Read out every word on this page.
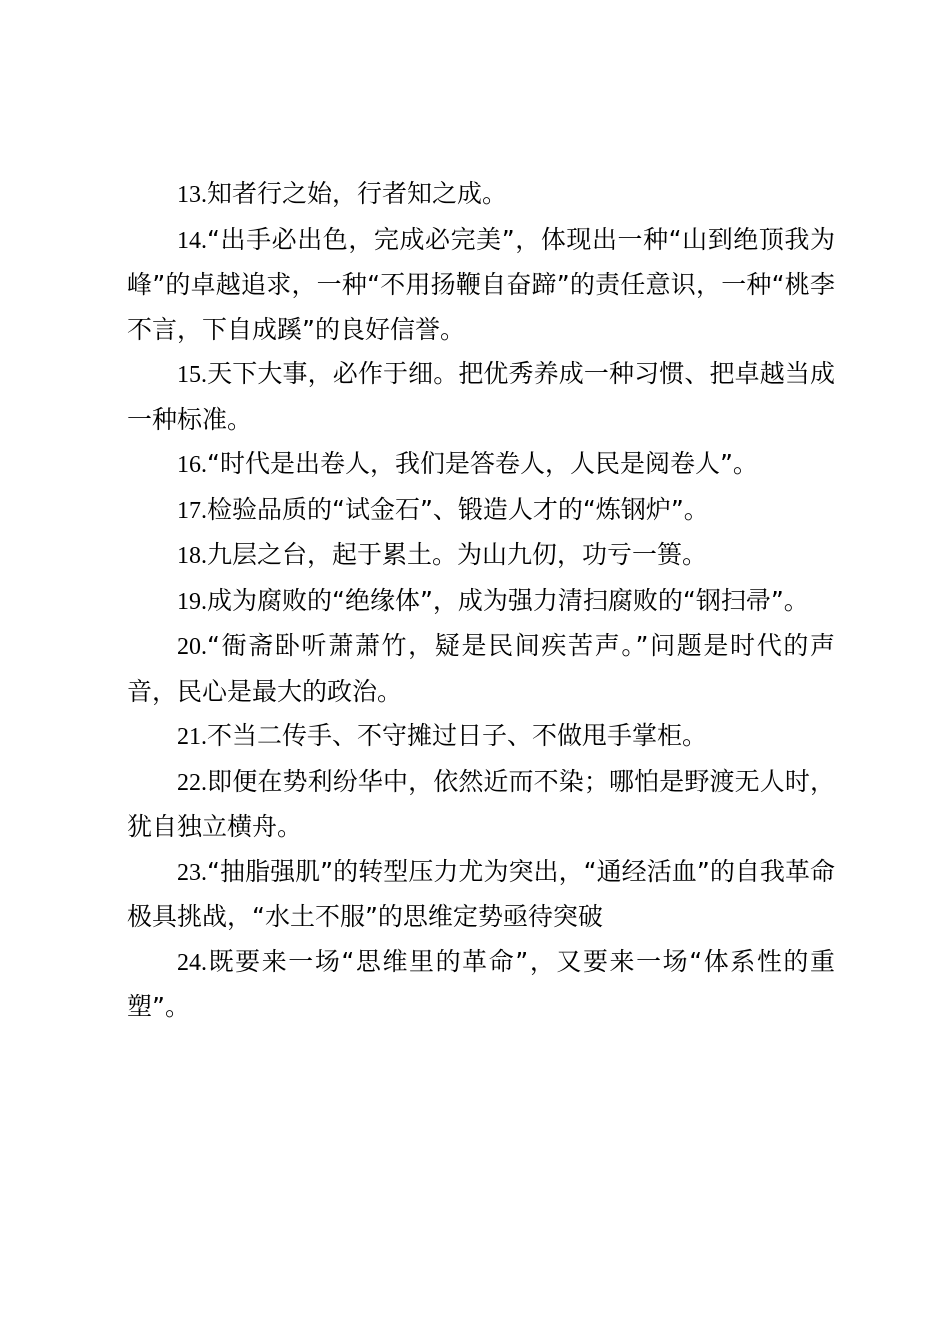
13.知者行之始，行者知之成。

14.“出手必出色，完成必完美”，体现出一种“山到绝顶我为峰”的卓越追求，一种“不用扬鞭自奋蹄”的责任意识，一种“桃李不言，下自成蹊”的良好信誉。

15.天下大事，必作于细。把优秀养成一种习惯、把卓越当成一种标准。

16.“时代是出卷人，我们是答卷人，人民是阅卷人”。

17.检验品质的“试金石”、锻造人才的“炼钢炉”。

18.九层之台，起于累土。为山九仞，功亏一篑。

19.成为腐败的“绝缘体”，成为强力清扫腐败的“钢扫帚”。

20.“衙斋卧听萧萧竹，疑是民间疾苦声。”问题是时代的声音，民心是最大的政治。

21.不当二传手、不守摊过日子、不做甩手掌柜。

22.即便在势利纷华中，依然近而不染；哪怕是野渡无人时，犹自独立横舟。

23.“抽脂强肌”的转型压力尤为突出，“通经活血”的自我革命极具挑战，“水土不服”的思维定势亟待突破

24.既要来一场“思维里的革命”，又要来一场“体系性的重塑”。
